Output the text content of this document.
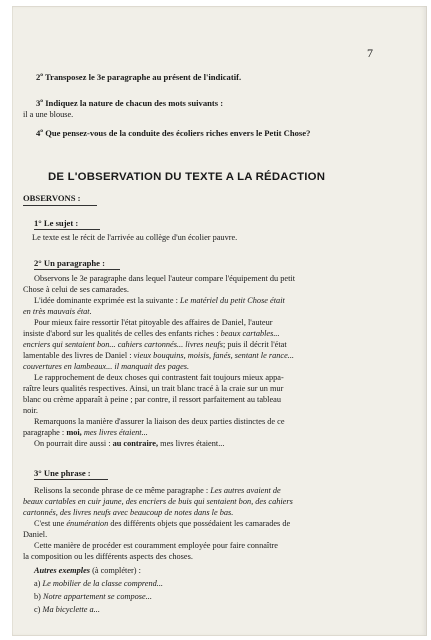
7
2$^o$ Transposez le 3e paragraphe au présent de l'indicatif.
3$^o$ Indiquez la nature de chacun des mots suivants :
il a une blouse.
4$^o$ Que pensez-vous de la conduite des écoliers riches envers le Petit Chose?
DE L'OBSERVATION DU TEXTE A LA RÉDACTION
OBSERVONS :
1° Le sujet :
Le texte est le récit de l'arrivée au collège d'un écolier pauvre.
2° Un paragraphe :
Observons le 3e paragraphe dans lequel l'auteur compare l'équipement du petit
Chose à celui de ses camarades.
L'idée dominante exprimée est la suivante : Le matériel du petit Chose était
en très mauvais état.
Pour mieux faire ressortir l'état pitoyable des affaires de Daniel, l'auteur
insiste d'abord sur les qualités de celles des enfants riches : beaux cartables...
encriers qui sentaient bon... cahiers cartonnés... livres neufs; puis il décrit l'état
lamentable des livres de Daniel : vieux bouquins, moisis, fanés, sentant le rance...
couvertures en lambeaux... il manquait des pages.
Le rapprochement de deux choses qui contrastent fait toujours mieux appa-
raître leurs qualités respectives. Ainsi, un trait blanc tracé à la craie sur un mur
blanc ou crème apparaît à peine ; par contre, il ressort parfaitement au tableau
noir.
Remarquons la manière d'assurer la liaison des deux parties distinctes de ce
paragraphe : moi, mes livres étaient...
On pourrait dire aussi : au contraire, mes livres étaient...
3° Une phrase :
Relisons la seconde phrase de ce même paragraphe : Les autres avaient de
beaux cartables en cuir jaune, des encriers de buis qui sentaient bon, des cahiers
cartonnés, des livres neufs avec beaucoup de notes dans le bas.
C'est une énumération des différents objets que possédaient les camarades de
Daniel.
Cette manière de procéder est couramment employée pour faire connaître
la composition ou les différents aspects des choses.
Autres exemples (à compléter) :
a) Le mobilier de la classe comprend...
b) Notre appartement se compose...
c) Ma bicyclette a...
